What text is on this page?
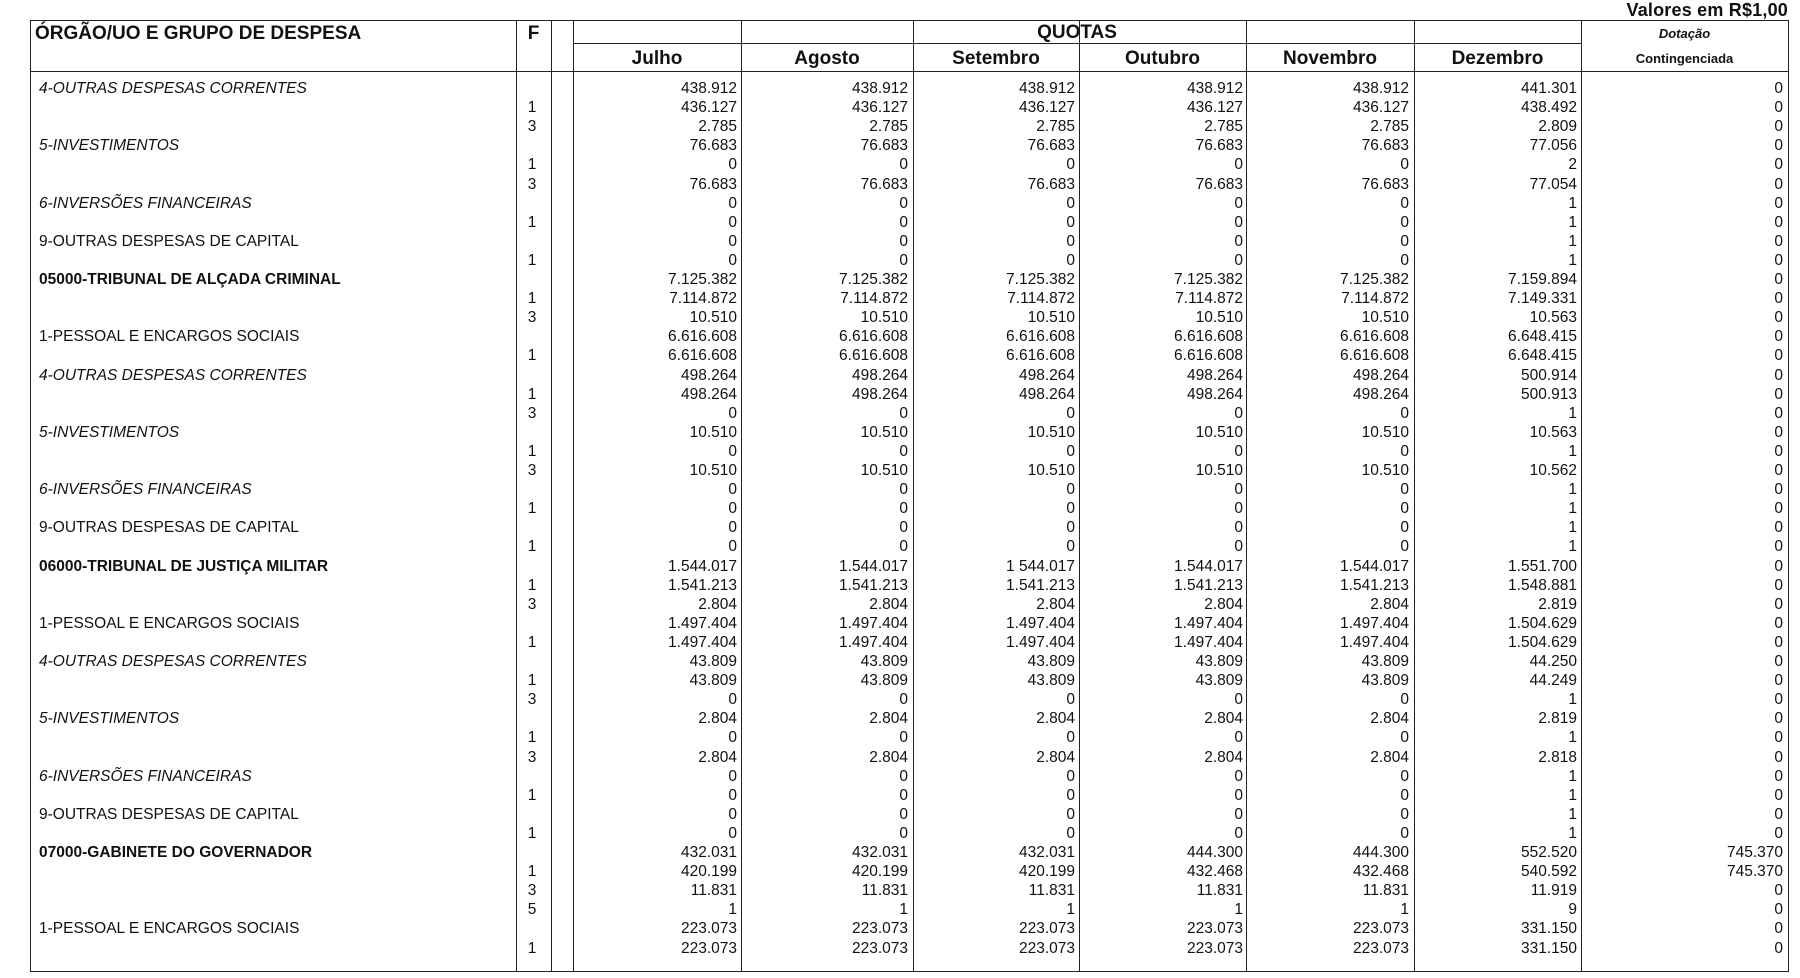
Valores em R$1,00
ÓRGÃO/UO E GRUPO DE DESPESA	F	QUOTAS
Julho	Agosto	Setembro	Outubro	Novembro	Dezembro
Dotação
Contingenciada
4-OUTRAS DESPESAS CORRENTES	438.912	438.912	438.912	438.912	438.912	441.301	0
1	436.127	436.127	436.127	436.127	436.127	438.492	0
3	2.785	2.785	2.785	2.785	2.785	2.809	0
5-INVESTIMENTOS	76.683	76.683	76.683	76.683	76.683	77.056	0
1	0	0	0	0	0	2	0
3	76.683	76.683	76.683	76.683	76.683	77.054	0
6-INVERSÕES FINANCEIRAS	0	0	0	0	0	1	0
1	0	0	0	0	0	1	0
9-OUTRAS DESPESAS DE CAPITAL	0	0	0	0	0	1	0
1	0	0	0	0	0	1	0
05000-TRIBUNAL DE ALÇADA CRIMINAL	7.125.382	7.125.382	7.125.382	7.125.382	7.125.382	7.159.894	0
1	7.114.872	7.114.872	7.114.872	7.114.872	7.114.872	7.149.331	0
3	10.510	10.510	10.510	10.510	10.510	10.563	0
1-PESSOAL E ENCARGOS SOCIAIS	6.616.608	6.616.608	6.616.608	6.616.608	6.616.608	6.648.415	0
1	6.616.608	6.616.608	6.616.608	6.616.608	6.616.608	6.648.415	0
4-OUTRAS DESPESAS CORRENTES	498.264	498.264	498.264	498.264	498.264	500.914	0
1	498.264	498.264	498.264	498.264	498.264	500.913	0
3	0	0	0	0	0	1	0
5-INVESTIMENTOS	10.510	10.510	10.510	10.510	10.510	10.563	0
1	0	0	0	0	0	1	0
3	10.510	10.510	10.510	10.510	10.510	10.562	0
6-INVERSÕES FINANCEIRAS	0	0	0	0	0	1	0
1	0	0	0	0	0	1	0
9-OUTRAS DESPESAS DE CAPITAL	0	0	0	0	0	1	0
1	0	0	0	0	0	1	0
06000-TRIBUNAL DE JUSTIÇA MILITAR	1.544.017	1.544.017	1 544.017	1.544.017	1.544.017	1.551.700	0
1	1.541.213	1.541.213	1.541.213	1.541.213	1.541.213	1.548.881	0
3	2.804	2.804	2.804	2.804	2.804	2.819	0
1-PESSOAL E ENCARGOS SOCIAIS	1.497.404	1.497.404	1.497.404	1.497.404	1.497.404	1.504.629	0
1	1.497.404	1.497.404	1.497.404	1.497.404	1.497.404	1.504.629	0
4-OUTRAS DESPESAS CORRENTES	43.809	43.809	43.809	43.809	43.809	44.250	0
1	43.809	43.809	43.809	43.809	43.809	44.249	0
3	0	0	0	0	0	1	0
5-INVESTIMENTOS	2.804	2.804	2.804	2.804	2.804	2.819	0
1	0	0	0	0	0	1	0
3	2.804	2.804	2.804	2.804	2.804	2.818	0
6-INVERSÕES FINANCEIRAS	0	0	0	0	0	1	0
1	0	0	0	0	0	1	0
9-OUTRAS DESPESAS DE CAPITAL	0	0	0	0	0	1	0
1	0	0	0	0	0	1	0
07000-GABINETE DO GOVERNADOR	432.031	432.031	432.031	444.300	444.300	552.520	745.370
1	420.199	420.199	420.199	432.468	432.468	540.592	745.370
3	11.831	11.831	11.831	11.831	11.831	11.919	0
5	1	1	1	1	1	9	0
1-PESSOAL E ENCARGOS SOCIAIS	223.073	223.073	223.073	223.073	223.073	331.150	0
1	223.073	223.073	223.073	223.073	223.073	331.150	0
